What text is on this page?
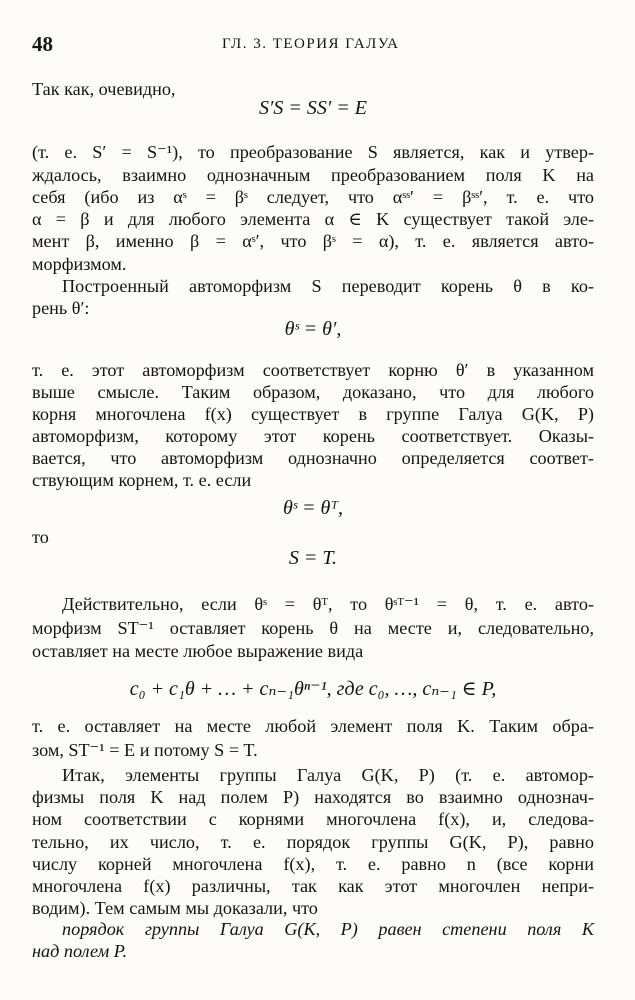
48	ГЛ. 3. ТЕОРИЯ ГАЛУА
Так как, очевидно,
S′S = SS′ = E
(т. е. S′ = S⁻¹), то преобразование S является, как и утвер-
ждалось, взаимно однозначным преобразованием поля K на
себя (ибо из αˢ = βˢ следует, что αˢˢ′ = βˢˢ′, т. е. что
α = β и для любого элемента α ∈ K существует такой эле-
мент β, именно β = αˢ′, что βˢ = α), т. е. является авто-
морфизмом.
Построенный автоморфизм S переводит корень θ в ко-
рень θ′:
θˢ = θ′,
т. е. этот автоморфизм соответствует корню θ′ в указанном
выше смысле. Таким образом, доказано, что для любого
корня многочлена f(x) существует в группе Галуа G(K, P)
автоморфизм, которому этот корень соответствует. Оказы-
вается, что автоморфизм однозначно определяется соответ-
ствующим корнем, т. е. если
θˢ = θᵀ,
то
S = T.
Действительно, если θˢ = θᵀ, то θˢᵀ⁻¹ = θ, т. е. авто-
морфизм ST⁻¹ оставляет корень θ на месте и, следовательно,
оставляет на месте любое выражение вида
c₀ + c₁θ + … + cₙ₋₁θⁿ⁻¹, где c₀, …, cₙ₋₁ ∈ P,
т. е. оставляет на месте любой элемент поля K. Таким обра-
зом, ST⁻¹ = E и потому S = T.
Итак, элементы группы Галуа G(K, P) (т. е. автомор-
физмы поля K над полем P) находятся во взаимно однознач-
ном соответствии с корнями многочлена f(x), и, следова-
тельно, их число, т. е. порядок группы G(K, P), равно
числу корней многочлена f(x), т. е. равно n (все корни
многочлена f(x) различны, так как этот многочлен непри-
водим). Тем самым мы доказали, что
порядок группы Галуа G(K, P) равен степени поля K
над полем P.
